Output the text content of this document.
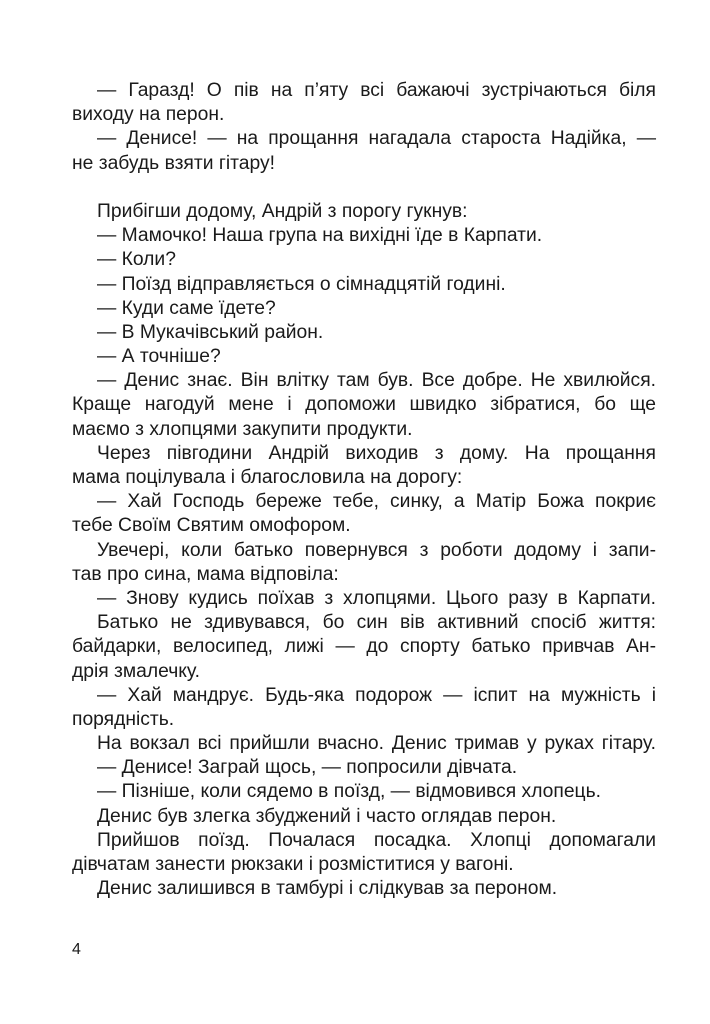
— Гаразд! О пів на п’яту всі бажаючі зустрічаються біля
виходу на перон.
— Денисе! — на прощання нагадала староста Надійка, —
не забудь взяти гітару!
Прибігши додому, Андрій з порогу гукнув:
— Мамочко! Наша група на вихідні їде в Карпати.
— Коли?
— Поїзд відправляється о сімнадцятій годині.
— Куди саме їдете?
— В Мукачівський район.
— А точніше?
— Денис знає. Він влітку там був. Все добре. Не хвилюйся.
Краще нагодуй мене і допоможи швидко зібратися, бо ще
маємо з хлопцями закупити продукти.
Через півгодини Андрій виходив з дому. На прощання
мама поцілувала і благословила на дорогу:
— Хай Господь береже тебе, синку, а Матір Божа покриє
тебе Своїм Святим омофором.
Увечері, коли батько повернувся з роботи додому і запи-
тав про сина, мама відповіла:
— Знову кудись поїхав з хлопцями. Цього разу в Карпати.
Батько не здивувався, бо син вів активний спосіб життя:
байдарки, велосипед, лижі — до спорту батько привчав Ан-
дрія змалечку.
— Хай мандрує. Будь-яка подорож — іспит на мужність і
порядність.
На вокзал всі прийшли вчасно. Денис тримав у руках гітару.
— Денисе! Заграй щось, — попросили дівчата.
— Пізніше, коли сядемо в поїзд, — відмовився хлопець.
Денис був злегка збуджений і часто оглядав перон.
Прийшов поїзд. Почалася посадка. Хлопці допомагали
дівчатам занести рюкзаки і розміститися у вагоні.
Денис залишився в тамбурі і слідкував за пероном.
4
